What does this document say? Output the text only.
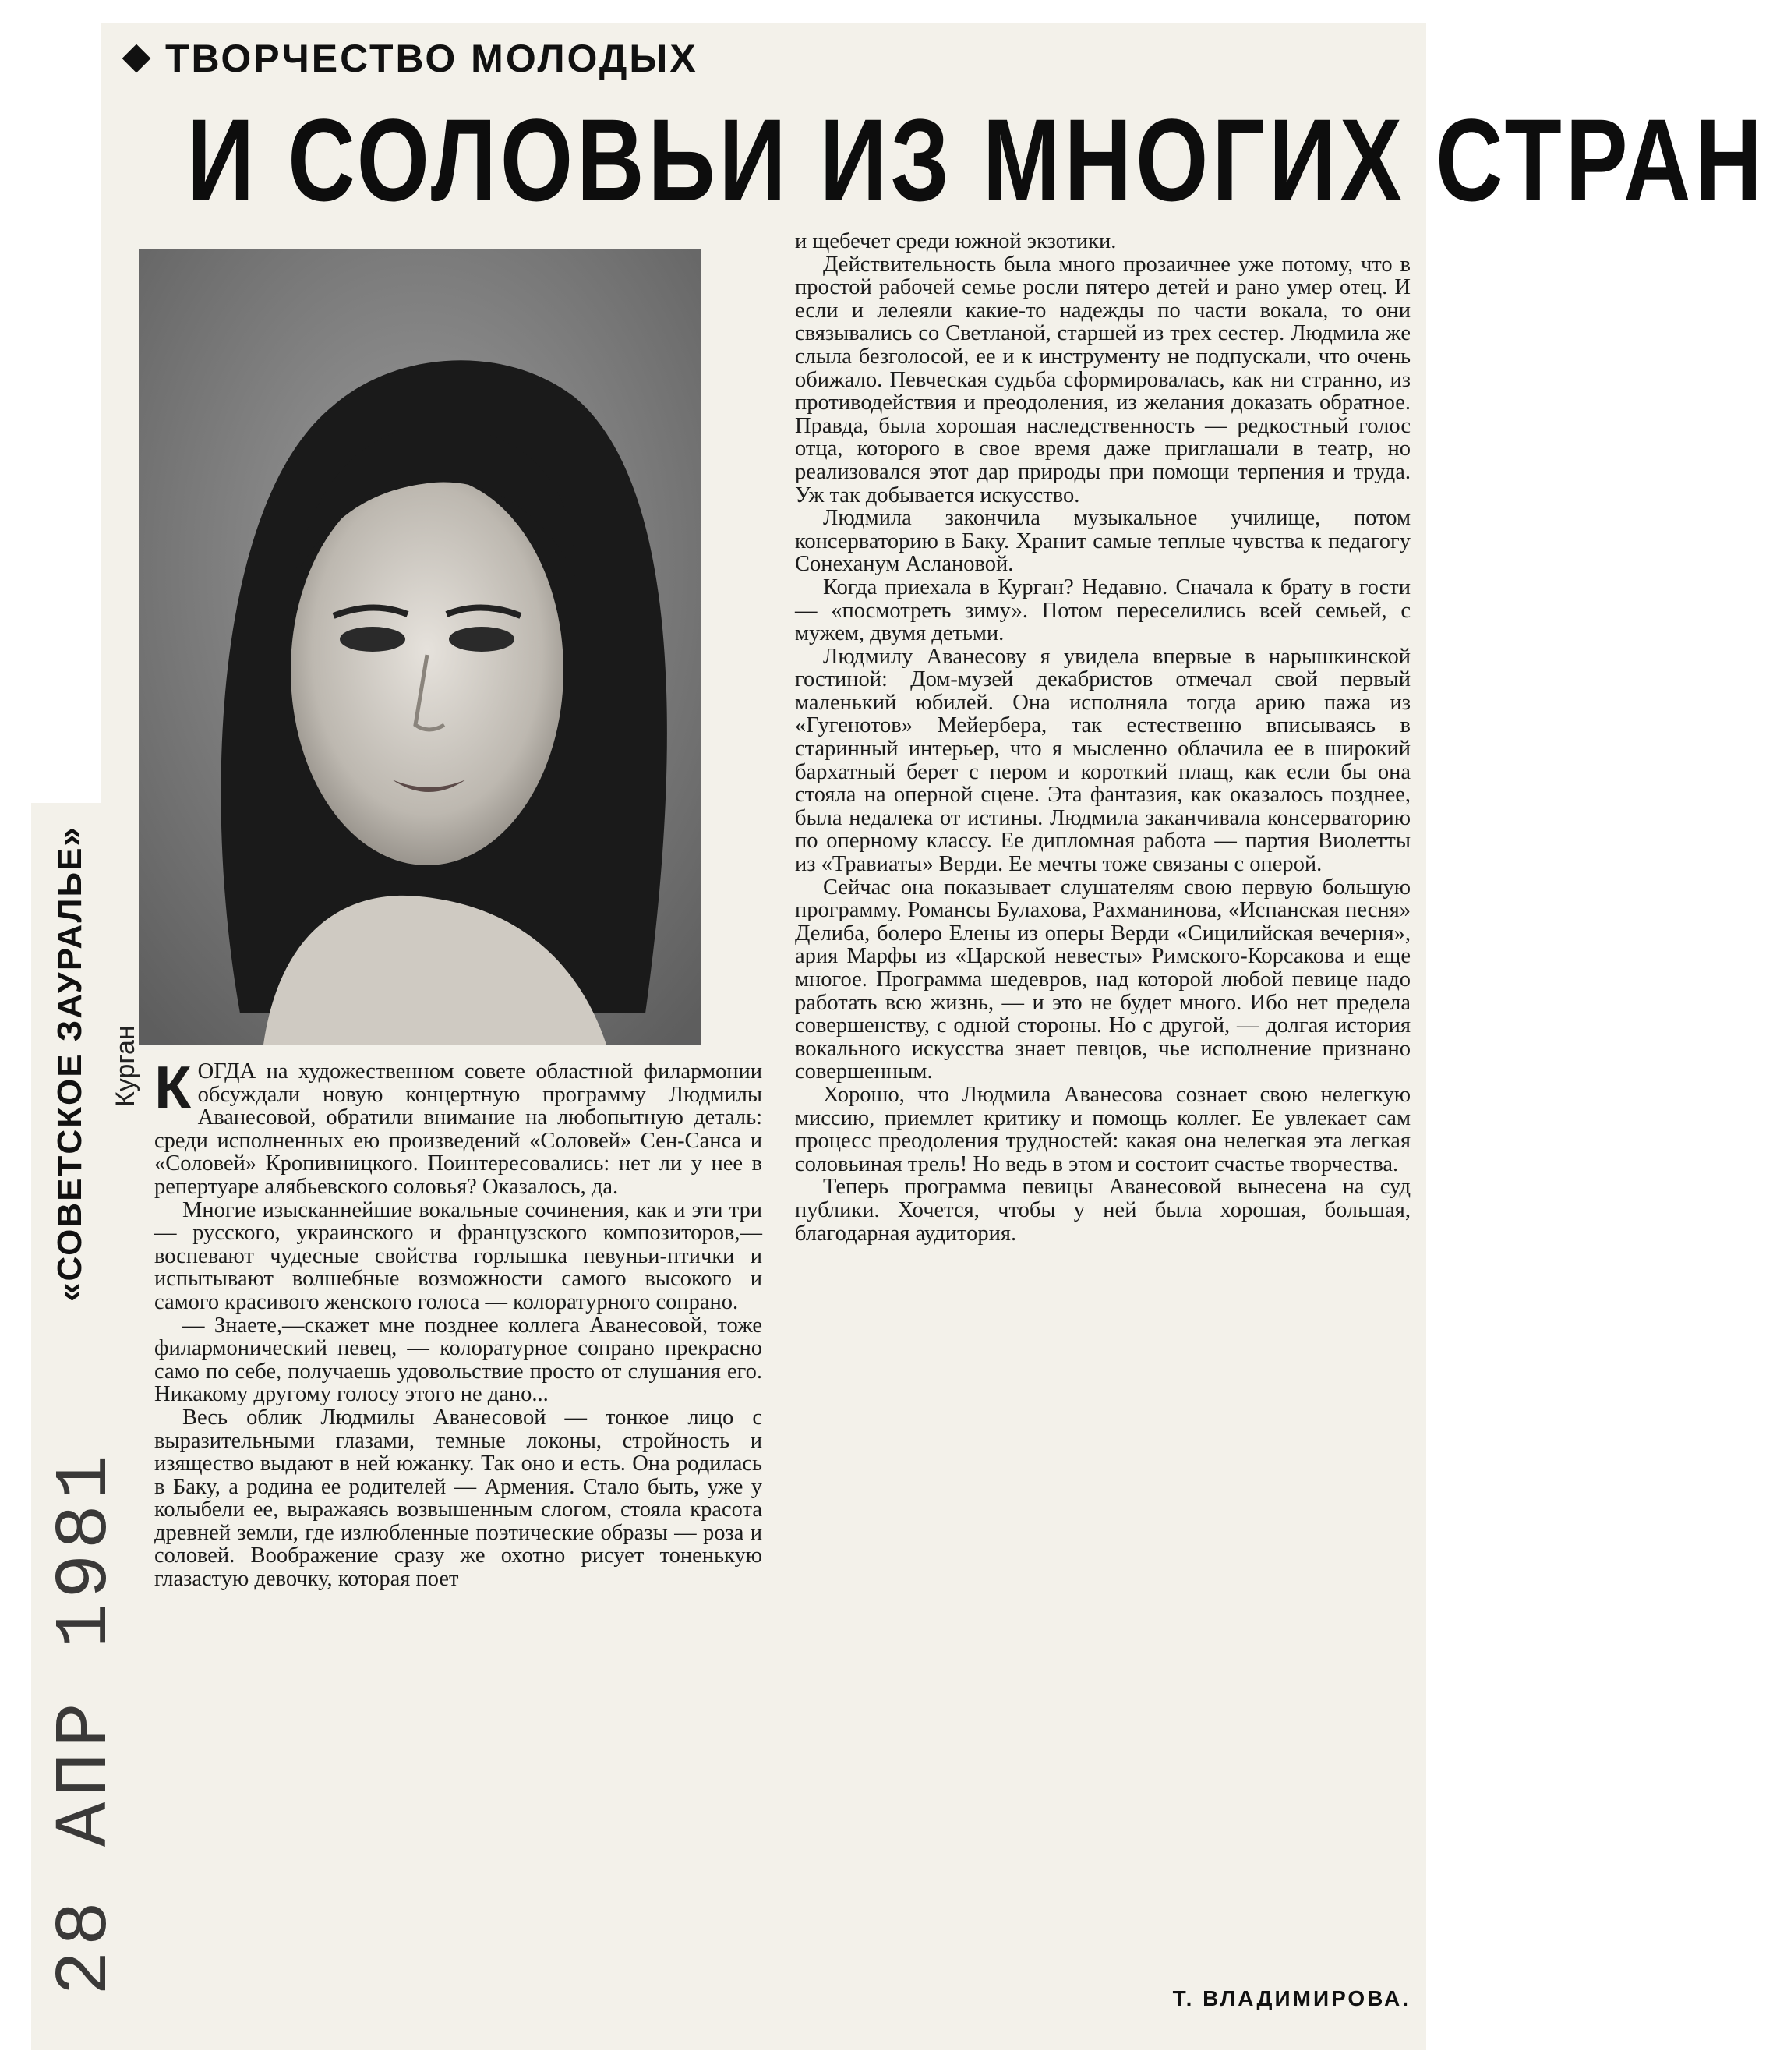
ТВОРЧЕСТВО МОЛОДЫХ
И СОЛОВЬИ ИЗ МНОГИХ СТРАН
«СОВЕТСКОЕ ЗАУРАЛЬЕ» Курган
28 АПР 1981

КОГДА на художественном совете областной филармонии обсуждали новую концертную программу Людмилы Аванесовой, обратили внимание на любопытную деталь: среди исполненных ею произведений «Соловей» Сен-Санса и «Соловей» Кропивницкого. Поинтересовались: нет ли у нее в репертуаре алябьевского соловья? Оказалось, да.

Многие изысканнейшие вокальные сочинения, как и эти три — русского, украинского и французского композиторов,—воспевают чудесные свойства горлышка певуньи-птички и испытывают волшебные возможности самого высокого и самого красивого женского голоса — колоратурного сопрано.

— Знаете,—скажет мне позднее коллега Аванесовой, тоже филармонический певец, — колоратурное сопрано прекрасно само по себе, получаешь удовольствие просто от слушания его. Никакому другому голосу этого не дано...

Весь облик Людмилы Аванесовой — тонкое лицо с выразительными глазами, темные локоны, стройность и изящество выдают в ней южанку. Так оно и есть. Она родилась в Баку, а родина ее родителей — Армения. Стало быть, уже у колыбели ее, выражаясь возвышенным слогом, стояла красота древней земли, где излюбленные поэтические образы — роза и соловей. Воображение сразу же охотно рисует тоненькую глазастую девочку, которая поет

и щебечет среди южной экзотики.

Действительность была много прозаичнее уже потому, что в простой рабочей семье росли пятеро детей и рано умер отец. И если и лелеяли какие-то надежды по части вокала, то они связывались со Светланой, старшей из трех сестер. Людмила же слыла безголосой, ее и к инструменту не подпускали, что очень обижало. Певческая судьба сформировалась, как ни странно, из противодействия и преодоления, из желания доказать обратное. Правда, была хорошая наследственность — редкостный голос отца, которого в свое время даже приглашали в театр, но реализовался этот дар природы при помощи терпения и труда. Уж так добывается искусство.

Людмила закончила музыкальное училище, потом консерваторию в Баку. Хранит самые теплые чувства к педагогу Сонеханум Аслановой.

Когда приехала в Курган? Недавно. Сначала к брату в гости — «посмотреть зиму». Потом переселились всей семьей, с мужем, двумя детьми.

Людмилу Аванесову я увидела впервые в нарышкинской гостиной: Дом-музей декабристов отмечал свой первый маленький юбилей. Она исполняла тогда арию пажа из «Гугенотов» Мейербера, так естественно вписываясь в старинный интерьер, что я мысленно облачила ее в широкий бархатный берет с пером и короткий плащ, как если бы она стояла на оперной сцене. Эта фантазия, как оказалось позднее, была недалека от истины. Людмила заканчивала консерваторию по оперному классу. Ее дипломная работа — партия Виолетты из «Травиаты» Верди. Ее мечты тоже связаны с оперой.

Сейчас она показывает слушателям свою первую большую программу. Романсы Булахова, Рахманинова, «Испанская песня» Делиба, болеро Елены из оперы Верди «Сицилийская вечерня», ария Марфы из «Царской невесты» Римского-Корсакова и еще многое. Программа шедевров, над которой любой певице надо работать всю жизнь, — и это не будет много. Ибо нет предела совершенству, с одной стороны. Но с другой, — долгая история вокального искусства знает певцов, чье исполнение признано совершенным.

Хорошо, что Людмила Аванесова сознает свою нелегкую миссию, приемлет критику и помощь коллег. Ее увлекает сам процесс преодоления трудностей: какая она нелегкая эта легкая соловьиная трель! Но ведь в этом и состоит счастье творчества.

Теперь программа певицы Аванесовой вынесена на суд публики. Хочется, чтобы у ней была хорошая, большая, благодарная аудитория.

Т. ВЛАДИМИРОВА.
